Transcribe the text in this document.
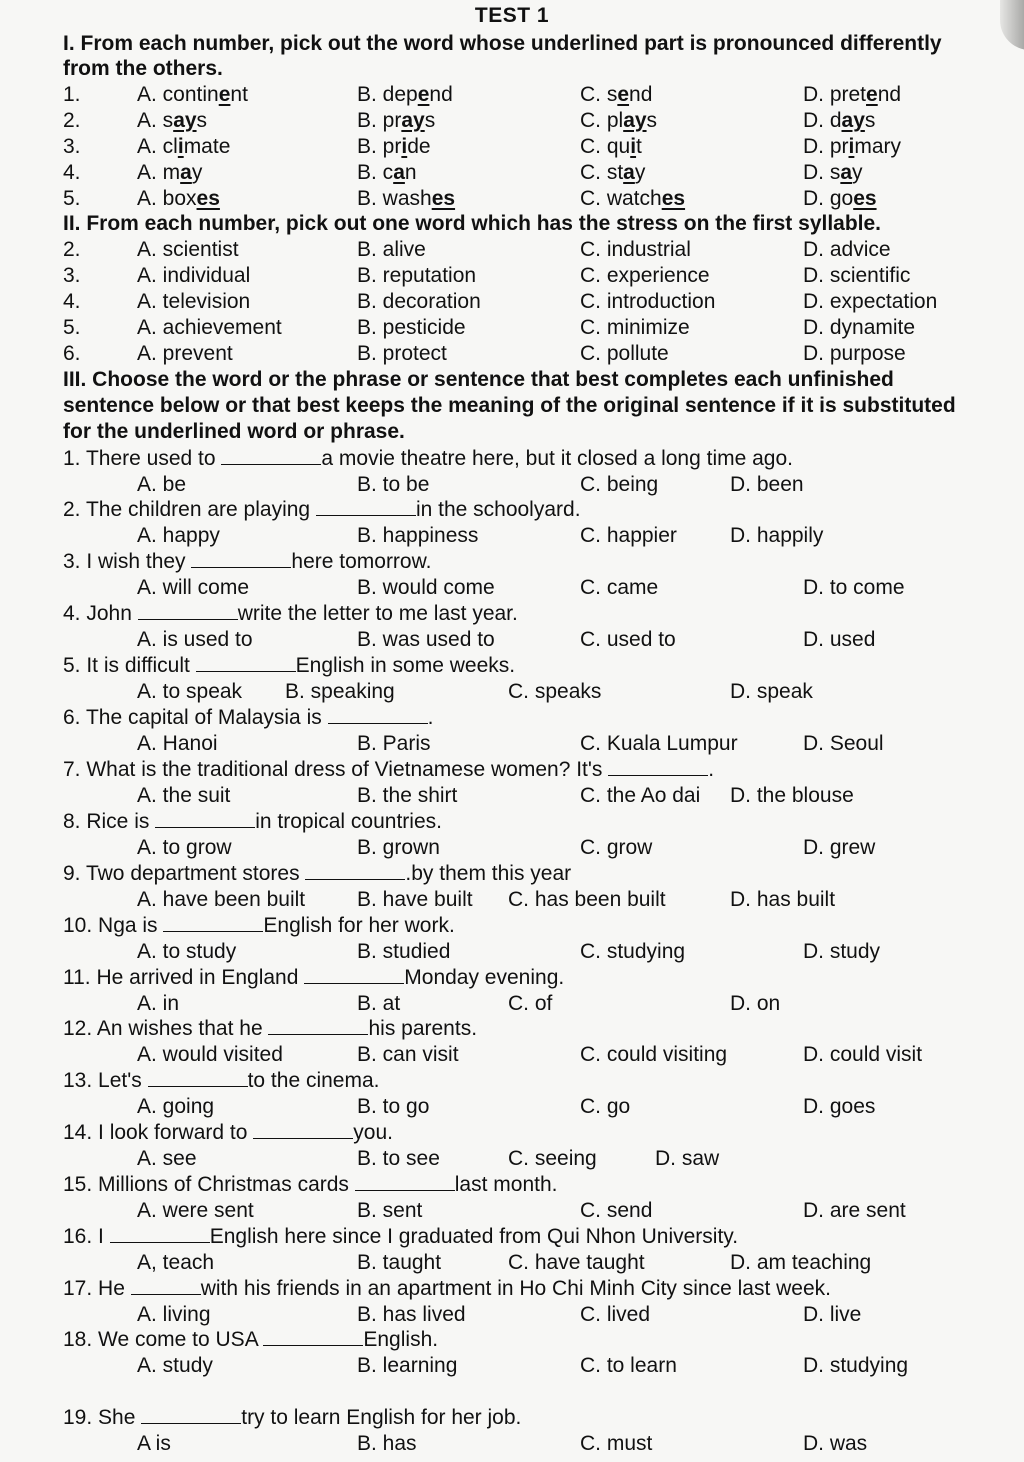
TEST 1
I. From each number, pick out the word whose underlined part is pronounced differently
from the others.
1.	A. continent	B. depend	C. send	D. pretend
2.	A. says	B. prays	C. plays	D. days
3.	A. climate	B. pride	C. quit	D. primary
4.	A. may	B. can	C. stay	D. say
5.	A. boxes	B. washes	C. watches	D. goes
II. From each number, pick out one word which has the stress on the first syllable.
2.	A. scientist	B. alive	C. industrial	D. advice
3.	A. individual	B. reputation	C. experience	D. scientific
4.	A. television	B. decoration	C. introduction	D. expectation
5.	A. achievement	B. pesticide	C. minimize	D. dynamite
6.	A. prevent	B. protect	C. pollute	D. purpose
III. Choose the word or the phrase or sentence that best completes each unfinished
sentence below or that best keeps the meaning of the original sentence if it is substituted
for the underlined word or phrase.
1. There used to	a movie theatre here, but it closed a long time ago.
A. be	B. to be	C. being	D. been
2. The children are playing	in the schoolyard.
A. happy	B. happiness	C. happier	D. happily
3. I wish they	here tomorrow.
A. will come	B. would come	C. came	D. to come
4. John	write the letter to me last year.
A. is used to	B. was used to	C. used to	D. used
5. It is difficult	English in some weeks.
A. to speak B. speaking	C. speaks	D. speak
6. The capital of Malaysia is	.
A. Hanoi	B. Paris	C. Kuala Lumpur	D. Seoul
7. What is the traditional dress of Vietnamese women? It's	.
A. the suit	B. the shirt	C. the Ao dai D. the blouse
8. Rice is	in tropical countries.
A. to grow	B. grown	C. grow	D. grew
9. Two department stores	.by them this year
A. have been built B. have built C. has been built	D. has built
10. Nga is	English for her work.
A. to study	B. studied	C. studying	D. study
11. He arrived in England	Monday evening.
A. in	B. at	C. of	D. on
12. An wishes that he	his parents.
A. would visited	B. can visit	C. could visiting	D. could visit
13. Let's	to the cinema.
A. going	B. to go	C. go	D. goes
14. I look forward to	you.
A. see	B. to see	C. seeing	D. saw
15. Millions of Christmas cards	last month.
A. were sent	B. sent	C. send	D. are sent
16. I	English here since I graduated from Qui Nhon University.
A, teach	B. taught	C. have taught	D. am teaching
17. He	with his friends in an apartment in Ho Chi Minh City since last week.
A. living	B. has lived	C. lived	D. live
18. We come to USA	English.
A. study	B. learning	C. to learn	D. studying
19. She	try to learn English for her job.
A is	B. has	C. must	D. was
